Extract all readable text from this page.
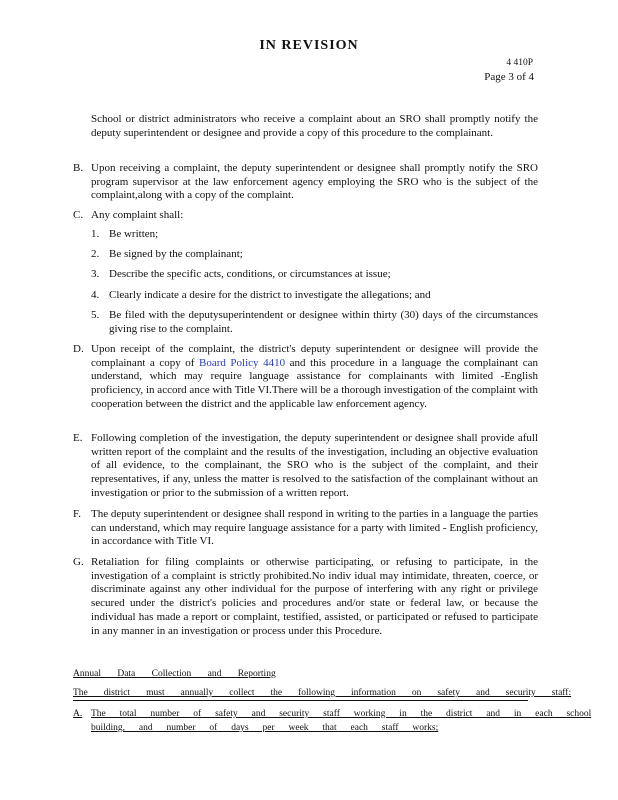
IN REVISION
4 410P
Page 3 of 4
School or district administrators who receive a complaint about an SRO shall promptly notify the deputy superintendent or designee and provide a copy of this procedure to the complainant.
B. Upon receiving a complaint, the deputy superintendent or designee shall promptly notify the SRO program supervisor at the law enforcement agency employing the SRO who is the subject of the complaint,along with a copy of the complaint.
C. Any complaint shall:
1. Be written;
2. Be signed by the complainant;
3. Describe the specific acts, conditions, or circumstances at issue;
4. Clearly indicate a desire for the district to investigate the allegations; and
5. Be filed with the deputysuperintendent or designee within thirty (30) days of the circumstances giving rise to the complaint.
D. Upon receipt of the complaint, the district's deputy superintendent or designee will provide the complainant a copy of Board Policy 4410 and this procedure in a language the complainant can understand, which may require language assistance for complainants with limited -English proficiency, in accord ance with Title VI.There will be a thorough investigation of the complaint with cooperation between the district and the applicable law enforcement agency.
E. Following completion of the investigation, the deputy superintendent or designee shall provide afull written report of the complaint and the results of the investigation, including an objective evaluation of all evidence, to the complainant, the SRO who is the subject of the complaint, and their representatives, if any, unless the matter is resolved to the satisfaction of the complainant without an investigation or prior to the submission of a written report.
F. The deputy superintendent or designee shall respond in writing to the parties in a language the parties can understand, which may require language assistance for a party with limited - English proficiency, in accordance with Title VI.
G. Retaliation for filing complaints or otherwise participating, or refusing to participate, in the investigation of a complaint is strictly prohibited.No indiv idual may intimidate, threaten, coerce, or discriminate against any other individual for the purpose of interfering with any right or privilege secured under the district's policies and procedures and/or state or federal law, or because the individual has made a report or complaint, testified, assisted, or participated or refused to participate in any manner in an investigation or process under this Procedure.
Annual Data Collection and Reporting
The district must annually collect the following information on safety and security staff:
A. The total number of safety and security staff working in the district and in each school
building, and number of days per week that each staff works;
